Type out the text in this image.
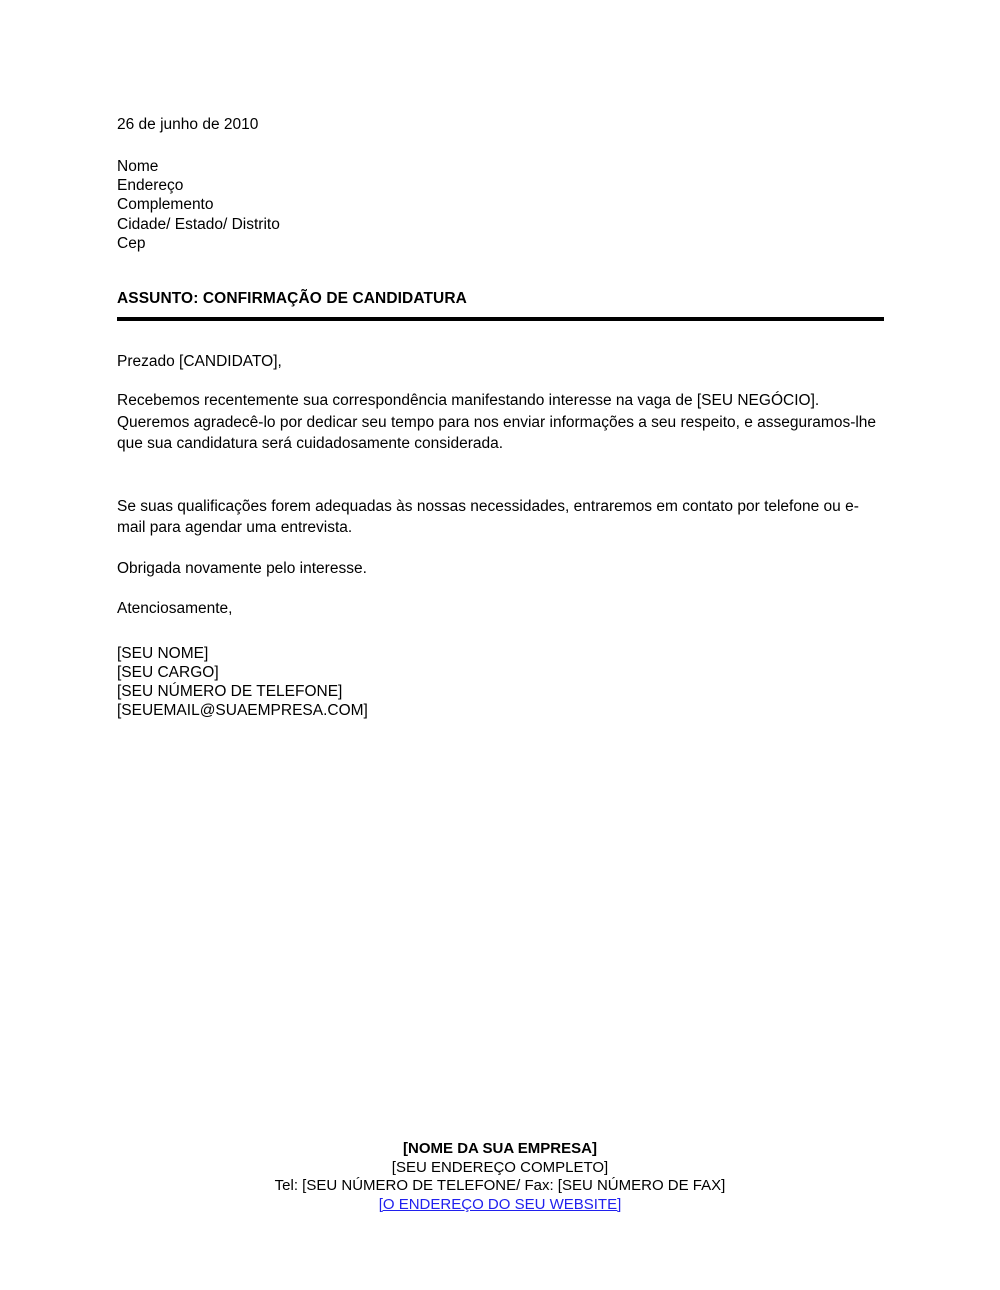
26 de junho de 2010

Nome
Endereço
Complemento
Cidade/ Estado/ Distrito
Cep

ASSUNTO: CONFIRMAÇÃO DE CANDIDATURA

Prezado [CANDIDATO],

Recebemos recentemente sua correspondência manifestando interesse na vaga de [SEU NEGÓCIO]. Queremos agradecê-lo por dedicar seu tempo para nos enviar informações a seu respeito, e asseguramos-lhe que sua candidatura será cuidadosamente considerada.

Se suas qualificações forem adequadas às nossas necessidades, entraremos em contato por telefone ou e-mail para agendar uma entrevista.

Obrigada novamente pelo interesse.

Atenciosamente,

[SEU NOME]
[SEU CARGO]
[SEU NÚMERO DE TELEFONE]
[SEUEMAIL@SUAEMPRESA.COM]

[NOME DA SUA EMPRESA]

[SEU ENDEREÇO COMPLETO]

Tel: [SEU NÚMERO DE TELEFONE/ Fax: [SEU NÚMERO DE FAX]

[O ENDEREÇO DO SEU WEBSITE]
